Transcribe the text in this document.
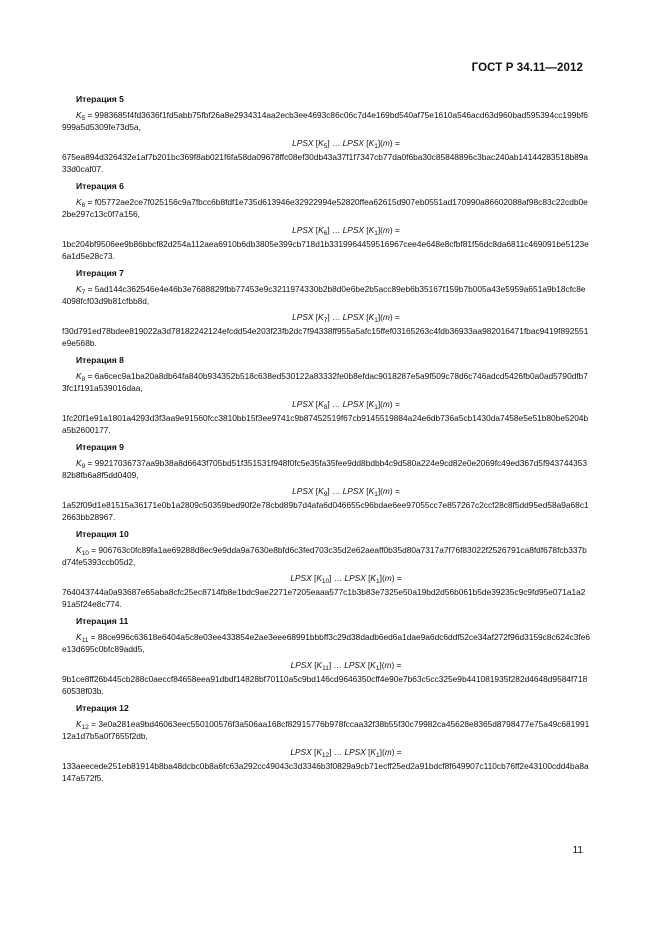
ГОСТ Р 34.11—2012
Итерация 5

$K_5 = 9983685f4fd3636f1fd5abb75fbf26a8e2934314aa2ecb3ee4693c86c06c7d4e169bd540af75e1610a546acd63d960bad595394cc199bf6999a5d530$9fe73d5a,

LPSX $[K_5]$ … LPSX $[K_1](m)$ =

675ea894d326432e1af7b201bc369f8ab021f6fa58da09678ffc08ef30db43a37f1f7347cb77da0f6ba30c85848896c3bac240ab14144283518b89a33d0caf07.

Итерация 6

$K_6$ = f05772ae2ce7f025156c9a7fbcc6b8fdf1e735d613946e32922994e52820ffea62615d907eb0551ad170990a86602088af98c83c22cdb0e2be297c13c0f7a156,

LPSX $[K_6]$ … LPSX $[K_1](m)$ =

1bc204bf9506ee9b86bbcf82d254a112aea6910b6db3805e399cb718d1b3319964459516967cee4e648e8cfbf81f56dc8da6811c469091be5123e6a1d5e28c73.

Итерация 7

$K_7 = 5ad144c362546e4e46b3e7688829fbb77453e9c3211974330b2b8d0e6be2b5acc89eb6b35167f159b7b005a43e5959a651a9b18cfc8e4098fcf03d9b$81cfbb8d,

LPSX $[K_7]$ … LPSX $[K_1](m)$ =

f30d791ed78bdee819022a3d78182242124efcdd54e203f23fb2dc7f94338ff955a5afc15ffef03165263c4fdb36933aa982016471fbac9419f892551e9e568b.

Итерация 8

$K_8$ = 6a6cec9a1ba20a8db64fa840b934352b518c638ed530122a83332fe0b8efdac9018287e5a9f509c78d6c746adcd5426fb0a0ad5790dfb73fc1f191a539016daa,

LPSX $[K_8]$ … LPSX $[K_1](m)$ =

1fc20f1e91a1801a4293d3f3aa9e91560fcc3810bb15f3ee9741c9b87452519f67cb9145519884a24e6db736a5cb1430da7458e5e51b80be5204ba5b2600177.

Итерация 9

$K_9$ = 99217036737aa9b38a8d6643f705bd51f351531f948f0fc5e35fa35fee9dd8bdbb4c9d580a224e9cd82e0e2069fc49ed367d5f94374435382b8fb6a8f5dd0409,

LPSX $[K_9]$ … LPSX $[K_1](m)$ =

1a52f09d1e81515a36171e0b1a2809c50359bed90f2e78cbd89b7d4afa6d046655c96bdae6ee97055cc7e857267c2ccf28c8f5dd95ed58a9a68c12663bb28967.

Итерация 10

$K_{10}$ = 906763c0fc89fa1ae69288d8ec9e9dda9a7630e8bfd6c3fed703c35d2e62aeaff0b35d80a7317a7f76f83022f2526791ca8fdf678fcb337bd74fe5393ccb05d2,

LPSX $[K_{10}]$ … LPSX $[K_1](m)$ =

764043744a0a93687e65aba8cfc25ec8714fb8e1bdc9ae2271e7205eaaa577c1b3b83e7325e50a19bd2d56b061b5de39235c9c9fd95e071a1a291a5f24e8c774.

Итерация 11

$K_{11}$ = 88ce996c63618e6404a5c8e03ee433854e2ae3eee68991bbbff3c29d38dadb6ed6a1dae9a6dc6ddf52ce34af272f96d3159c8c624c3fe6e13d695c0bfc89add5,

LPSX $[K_{11}]$ … LPSX $[K_1](m)$ =

9b1ce8ff26b445cb288c0aeccf84658eea91dbdf14828bf70110a5c9bd146cd9646350cff4e90e7b63c5cc325e9b441081935f282d4648d9584f71860538f03b.

Итерация 12

$K_{12}$ = 3e0a281ea9bd46063eec550100576f3a506aa168cf82915776b978fccaa32f38b55f30c79982ca45628e8365d8798477e75a49c68199112a1d7b5a0f7655f2db,

LPSX $[K_{12}]$ … LPSX $[K_1](m)$ =

133aeecede251eb81914b8ba48dcbc0b8a6fc63a292cc49043c3d3346b3f0829a9cb71ecff25ed2a91bdcf8f649907c110cb76ff2e43100cdd4ba8a147a572f5.

11
